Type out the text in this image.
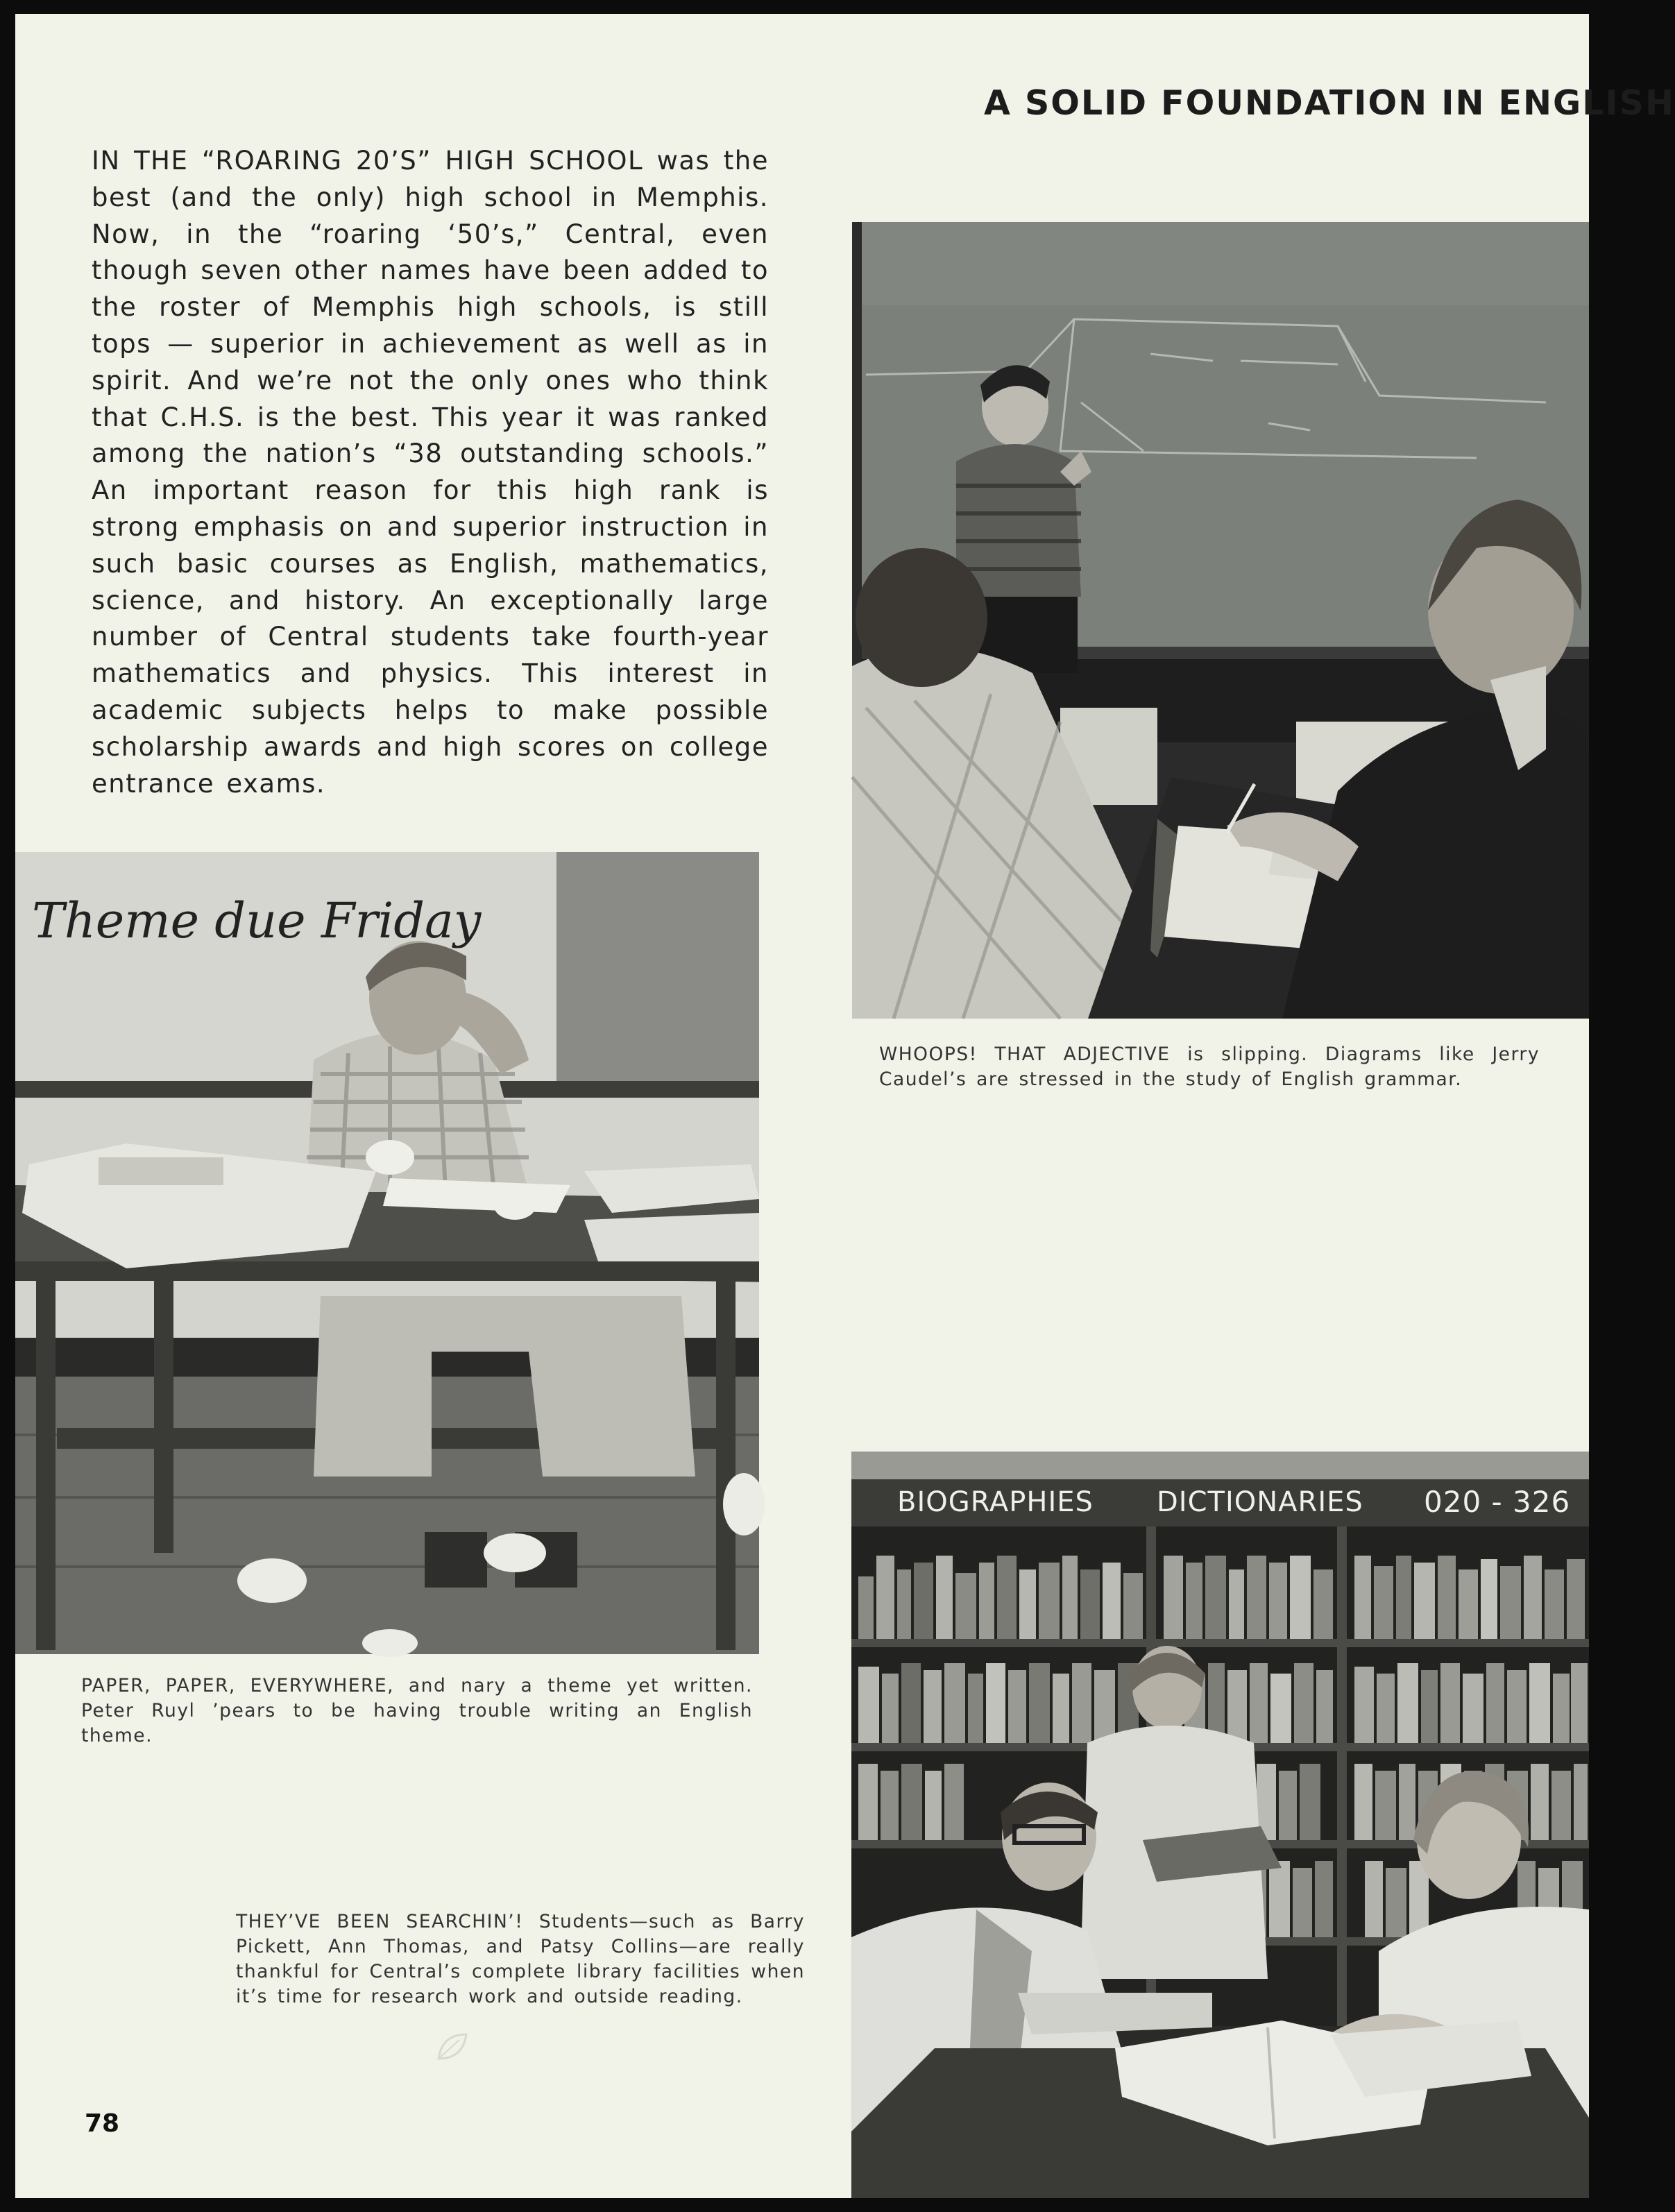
A SOLID FOUNDATION IN ENGLISH

IN THE “ROARING 20’S” HIGH SCHOOL was the best (and the only) high school in Memphis. Now, in the “roaring ‘50’s,” Central, even though seven other names have been added to the roster of Memphis high schools, is still tops — superior in achievement as well as in spirit. And we’re not the only ones who think that C.H.S. is the best. This year it was ranked among the nation’s “38 outstanding schools.” An important reason for this high rank is strong emphasis on and superior instruction in such basic courses as English, mathematics, science, and history. An exceptionally large number of Central students take fourth-year mathematics and physics. This interest in academic subjects helps to make possible scholarship awards and high scores on college entrance exams.

WHOOPS! THAT ADJECTIVE is slipping. Diagrams like Jerry Caudel’s are stressed in the study of English grammar.

Theme due Friday

PAPER, PAPER, EVERYWHERE, and nary a theme yet written. Peter Ruyl ’pears to be having trouble writing an English theme.

BIOGRAPHIES DICTIONARIES 020 - 326

THEY’VE BEEN SEARCHIN’! Students—such as Barry Pickett, Ann Thomas, and Patsy Collins—are really thankful for Central’s complete library facilities when it’s time for research work and outside reading.

78
